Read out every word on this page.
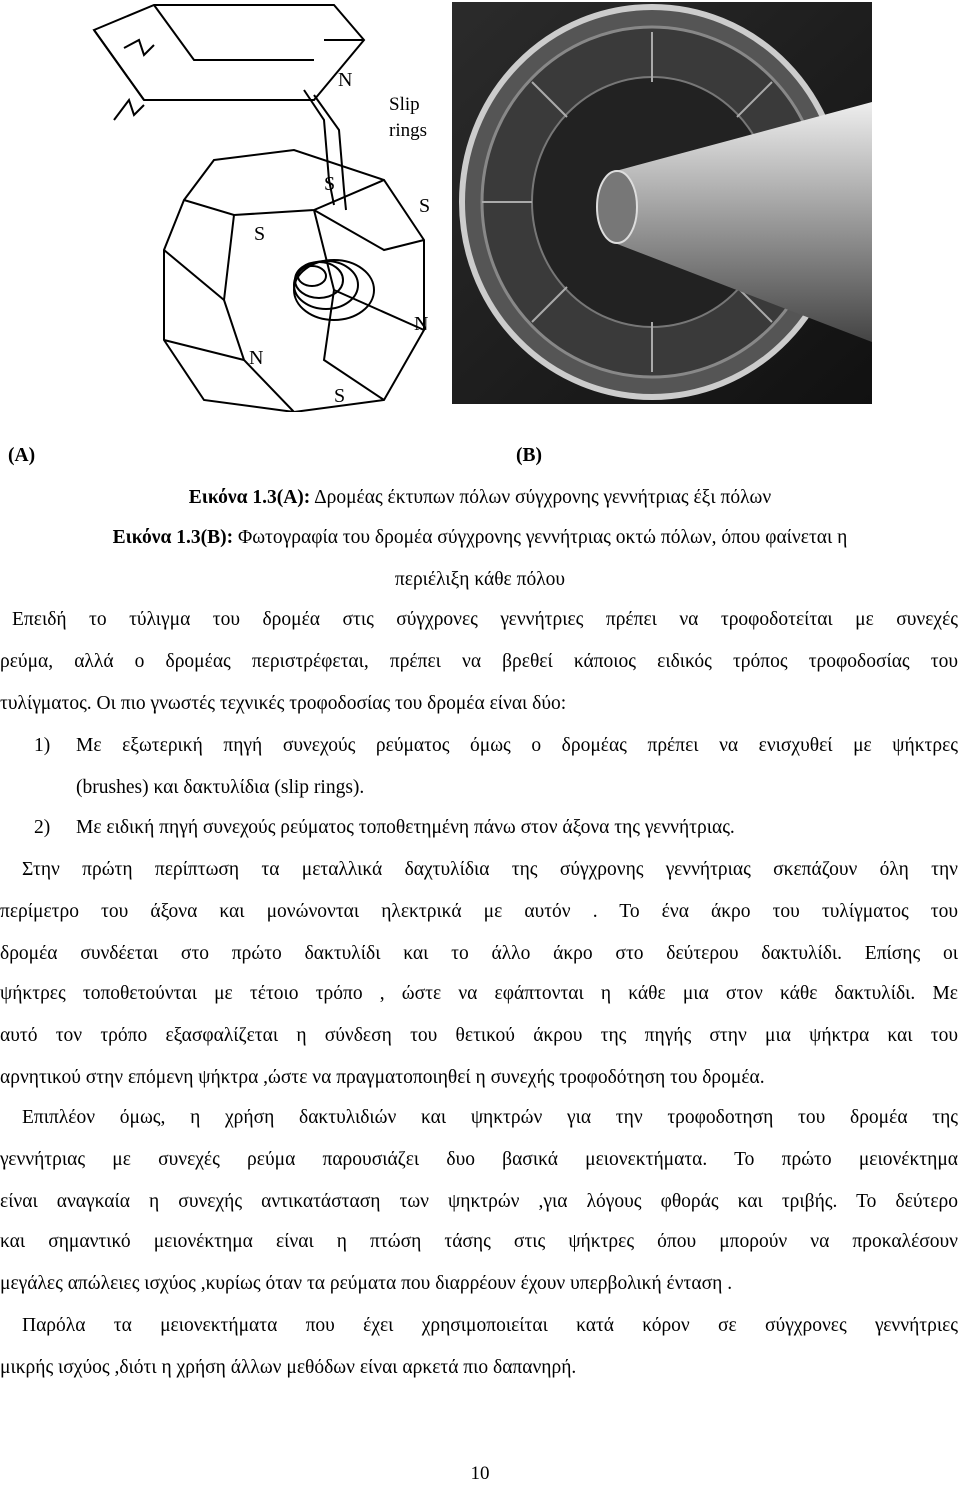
N
Slip rings
S
S
S
N
N
S
(A)	(B)
Εικόνα 1.3(Α): Δρομέας έκτυπων πόλων σύγχρονης γεννήτριας έξι πόλων
Εικόνα 1.3(Β): Φωτογραφία του δρομέα σύγχρονης γεννήτριας οκτώ πόλων, όπου φαίνεται η
περιέλιξη κάθε πόλου
Επειδή το τύλιγμα του δρομέα στις σύγχρονες γεννήτριες πρέπει να τροφοδοτείται με συνεχές
ρεύμα, αλλά ο δρομέας περιστρέφεται, πρέπει να βρεθεί κάποιος ειδικός τρόπος τροφοδοσίας του
τυλίγματος. Οι πιο γνωστές τεχνικές τροφοδοσίας του δρομέα είναι δύο:
1) Με εξωτερική πηγή συνεχούς ρεύματος όμως ο δρομέας πρέπει να ενισχυθεί με ψήκτρες
(brushes) και δακτυλίδια (slip rings).
2) Με ειδική πηγή συνεχούς ρεύματος τοποθετημένη πάνω στον άξονα της γεννήτριας.
Στην πρώτη περίπτωση τα μεταλλικά δαχτυλίδια της σύγχρονης γεννήτριας σκεπάζουν όλη την
περίμετρο του άξονα και μονώνονται ηλεκτρικά με αυτόν . Το ένα άκρο του τυλίγματος του
δρομέα συνδέεται στο πρώτο δακτυλίδι και το άλλο άκρο στο δεύτερου δακτυλίδι. Επίσης οι
ψήκτρες τοποθετούνται με τέτοιο τρόπο , ώστε να εφάπτονται η κάθε μια στον κάθε δακτυλίδι. Με
αυτό τον τρόπο εξασφαλίζεται η σύνδεση του θετικού άκρου της πηγής στην μια ψήκτρα και του
αρνητικού στην επόμενη ψήκτρα ,ώστε να πραγματοποιηθεί η συνεχής τροφοδότηση του δρομέα.
Επιπλέον όμως, η χρήση δακτυλιδιών και ψηκτρών για την τροφοδοτηση του δρομέα της
γεννήτριας με συνεχές ρεύμα παρουσιάζει δυο βασικά μειονεκτήματα. Το πρώτο μειονέκτημα
είναι αναγκαία η συνεχής αντικατάσταση των ψηκτρών ,για λόγους φθοράς και τριβής. Το δεύτερο
και σημαντικό μειονέκτημα είναι η πτώση τάσης στις ψήκτρες όπου μπορούν να προκαλέσουν
μεγάλες απώλειες ισχύος ,κυρίως όταν τα ρεύματα που διαρρέουν έχουν υπερβολική ένταση .
Παρόλα τα μειονεκτήματα που έχει χρησιμοποιείται κατά κόρον σε σύγχρονες γεννήτριες
μικρής ισχύος ,διότι η χρήση άλλων μεθόδων είναι αρκετά πιο δαπανηρή.
10
